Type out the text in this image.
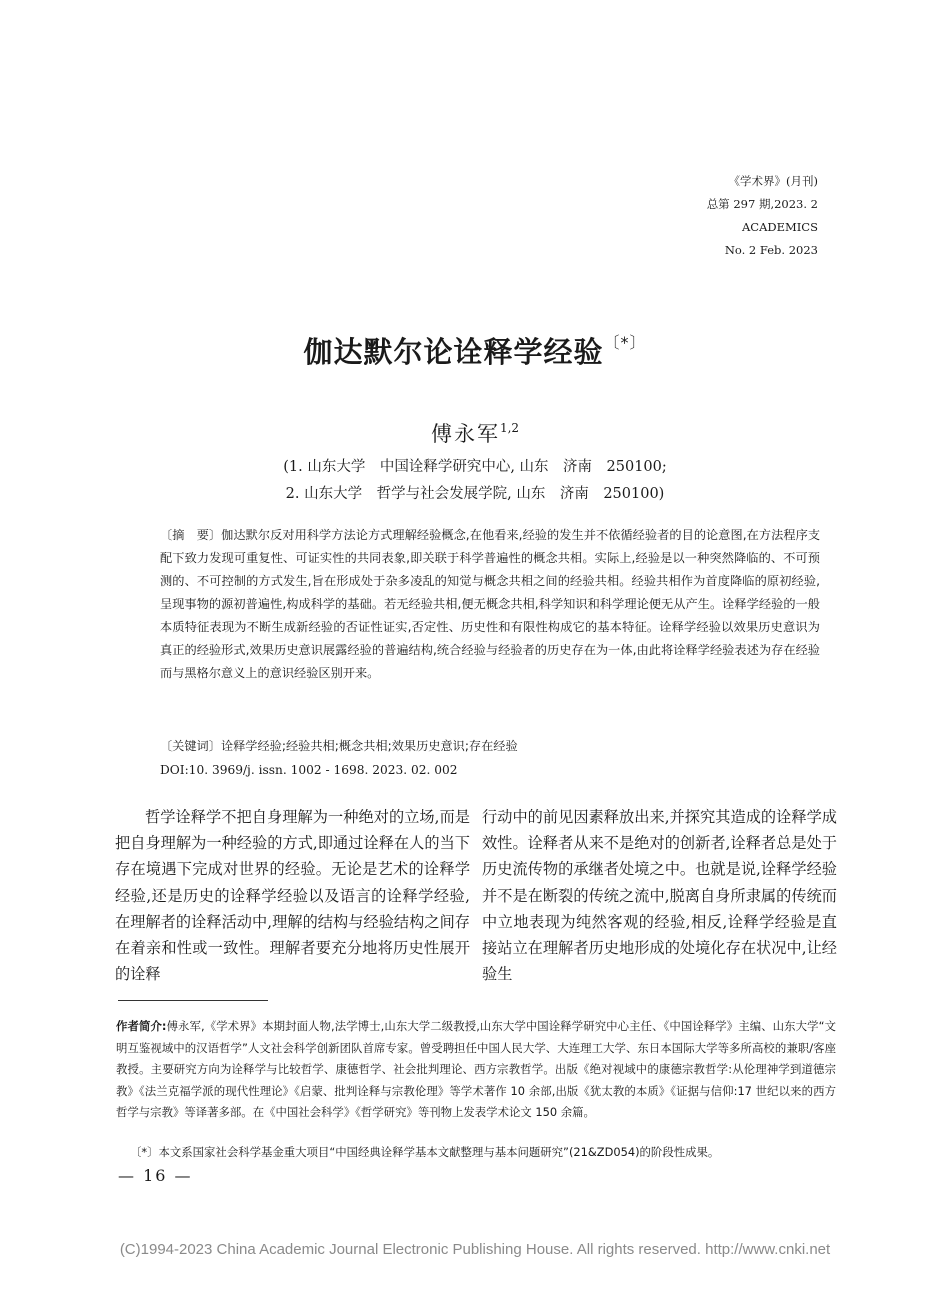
《学术界》(月刊)
总第 297 期,2023. 2
ACADEMICS
No. 2 Feb. 2023
伽达默尔论诠释学经验〔*〕
傅永军$^{1,2}$
(1. 山东大学　中国诠释学研究中心, 山东　济南　250100;
2. 山东大学　哲学与社会发展学院, 山东　济南　250100)
〔摘　要〕伽达默尔反对用科学方法论方式理解经验概念,在他看来,经验的发生并不依循经验者的目的论意图,在方法程序支配下致力发现可重复性、可证实性的共同表象,即关联于科学普遍性的概念共相。实际上,经验是以一种突然降临的、不可预测的、不可控制的方式发生,旨在形成处于杂多凌乱的知觉与概念共相之间的经验共相。经验共相作为首度降临的原初经验,呈现事物的源初普遍性,构成科学的基础。若无经验共相,便无概念共相,科学知识和科学理论便无从产生。诠释学经验的一般本质特征表现为不断生成新经验的否证性证实,否定性、历史性和有限性构成它的基本特征。诠释学经验以效果历史意识为真正的经验形式,效果历史意识展露经验的普遍结构,统合经验与经验者的历史存在为一体,由此将诠释学经验表述为存在经验而与黑格尔意义上的意识经验区别开来。
〔关键词〕诠释学经验;经验共相;概念共相;效果历史意识;存在经验
DOI:10. 3969/j. issn. 1002 - 1698. 2023. 02. 002
哲学诠释学不把自身理解为一种绝对的立场,而是把自身理解为一种经验的方式,即通过诠释在人的当下存在境遇下完成对世界的经验。无论是艺术的诠释学经验,还是历史的诠释学经验以及语言的诠释学经验,在理解者的诠释活动中,理解的结构与经验结构之间存在着亲和性或一致性。理解者要充分地将历史性展开的诠释
行动中的前见因素释放出来,并探究其造成的诠释学成效性。诠释者从来不是绝对的创新者,诠释者总是处于历史流传物的承继者处境之中。也就是说,诠释学经验并不是在断裂的传统之流中,脱离自身所隶属的传统而中立地表现为纯然客观的经验,相反,诠释学经验是直接站立在理解者历史地形成的处境化存在状况中,让经验生
作者简介:傅永军,《学术界》本期封面人物,法学博士,山东大学二级教授,山东大学中国诠释学研究中心主任、《中国诠释学》主编、山东大学“文明互鉴视域中的汉语哲学”人文社会科学创新团队首席专家。曾受聘担任中国人民大学、大连理工大学、东日本国际大学等多所高校的兼职/客座教授。主要研究方向为诠释学与比较哲学、康德哲学、社会批判理论、西方宗教哲学。出版《绝对视域中的康德宗教哲学:从伦理神学到道德宗教》《法兰克福学派的现代性理论》《启蒙、批判诠释与宗教伦理》等学术著作 10 余部,出版《犹太教的本质》《证据与信仰:17 世纪以来的西方哲学与宗教》等译著多部。在《中国社会科学》《哲学研究》等刊物上发表学术论文 150 余篇。
〔*〕本文系国家社会科学基金重大项目“中国经典诠释学基本文献整理与基本问题研究”(21&ZD054)的阶段性成果。
— 16 —
(C)1994-2023 China Academic Journal Electronic Publishing House. All rights reserved. http://www.cnki.net
